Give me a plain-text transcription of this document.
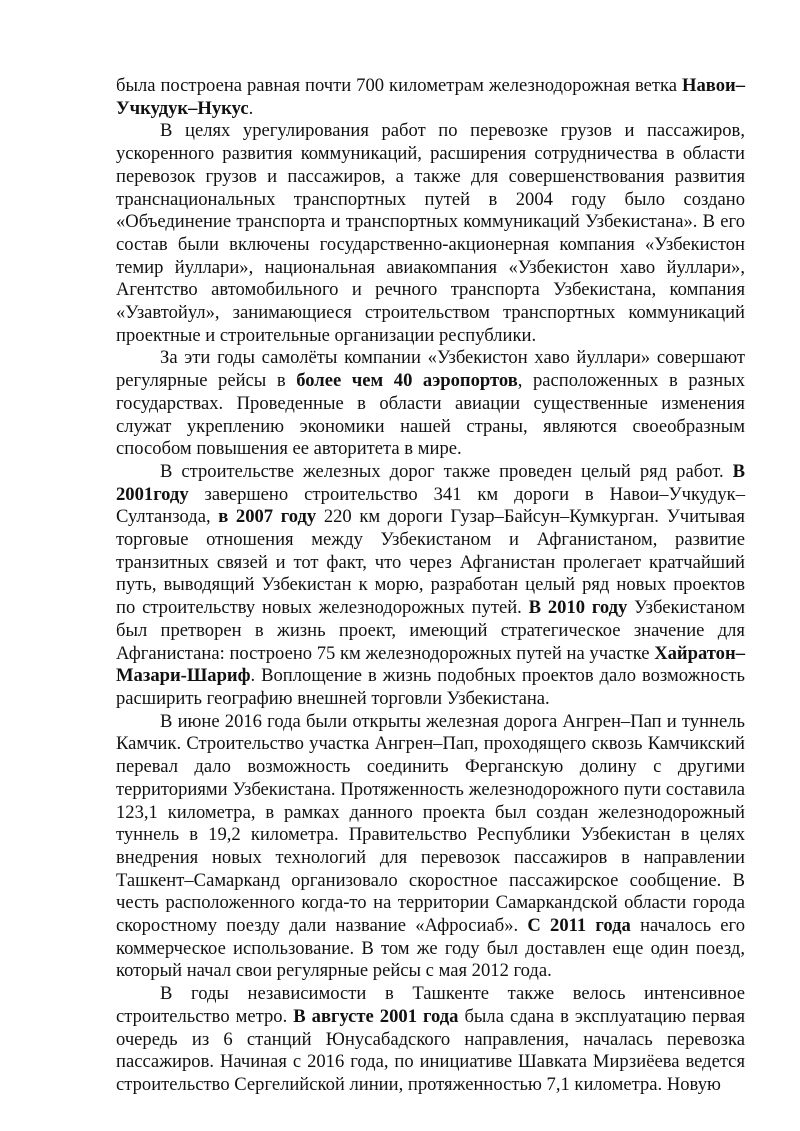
была построена равная почти 700 километрам железнодорожная ветка Навои–Учкудук–Нукус.

В целях урегулирования работ по перевозке грузов и пассажиров, ускоренного развития коммуникаций, расширения сотрудничества в области перевозок грузов и пассажиров, а также для совершенствования развития транснациональных транспортных путей в 2004 году было создано «Объединение транспорта и транспортных коммуникаций Узбекистана». В его состав были включены государственно-акционерная компания «Узбекистон темир йуллари», национальная авиакомпания «Узбекистон хаво йуллари», Агентство автомобильного и речного транспорта Узбекистана, компания «Узавтойул», занимающиеся строительством транспортных коммуникаций проектные и строительные организации республики.

За эти годы самолёты компании «Узбекистон хаво йуллари» совершают регулярные рейсы в более чем 40 аэропортов, расположенных в разных государствах. Проведенные в области авиации существенные изменения служат укреплению экономики нашей страны, являются своеобразным способом повышения ее авторитета в мире.

В строительстве железных дорог также проведен целый ряд работ. В 2001году завершено строительство 341 км дороги в Навои–Учкудук–Султанзода, в 2007 году 220 км дороги Гузар–Байсун–Кумкурган. Учитывая торговые отношения между Узбекистаном и Афганистаном, развитие транзитных связей и тот факт, что через Афганистан пролегает кратчайший путь, выводящий Узбекистан к морю, разработан целый ряд новых проектов по строительству новых железнодорожных путей. В 2010 году Узбекистаном был претворен в жизнь проект, имеющий стратегическое значение для Афганистана: построено 75 км железнодорожных путей на участке Хайратон–Мазари-Шариф. Воплощение в жизнь подобных проектов дало возможность расширить географию внешней торговли Узбекистана.

В июне 2016 года были открыты железная дорога Ангрен–Пап и туннель Камчик. Строительство участка Ангрен–Пап, проходящего сквозь Камчикский перевал дало возможность соединить Ферганскую долину с другими территориями Узбекистана. Протяженность железнодорожного пути составила 123,1 километра, в рамках данного проекта был создан железнодорожный туннель в 19,2 километра. Правительство Республики Узбекистан в целях внедрения новых технологий для перевозок пассажиров в направлении Ташкент–Самарканд организовало скоростное пассажирское сообщение. В честь расположенного когда-то на территории Самаркандской области города скоростному поезду дали название «Афросиаб». С 2011 года началось его коммерческое использование. В том же году был доставлен еще один поезд, который начал свои регулярные рейсы с мая 2012 года.

В годы независимости в Ташкенте также велось интенсивное строительство метро. В августе 2001 года была сдана в эксплуатацию первая очередь из 6 станций Юнусабадского направления, началась перевозка пассажиров. Начиная с 2016 года, по инициативе Шавката Мирзиёева ведется строительство Сергелийской линии, протяженностью 7,1 километра. Новую
